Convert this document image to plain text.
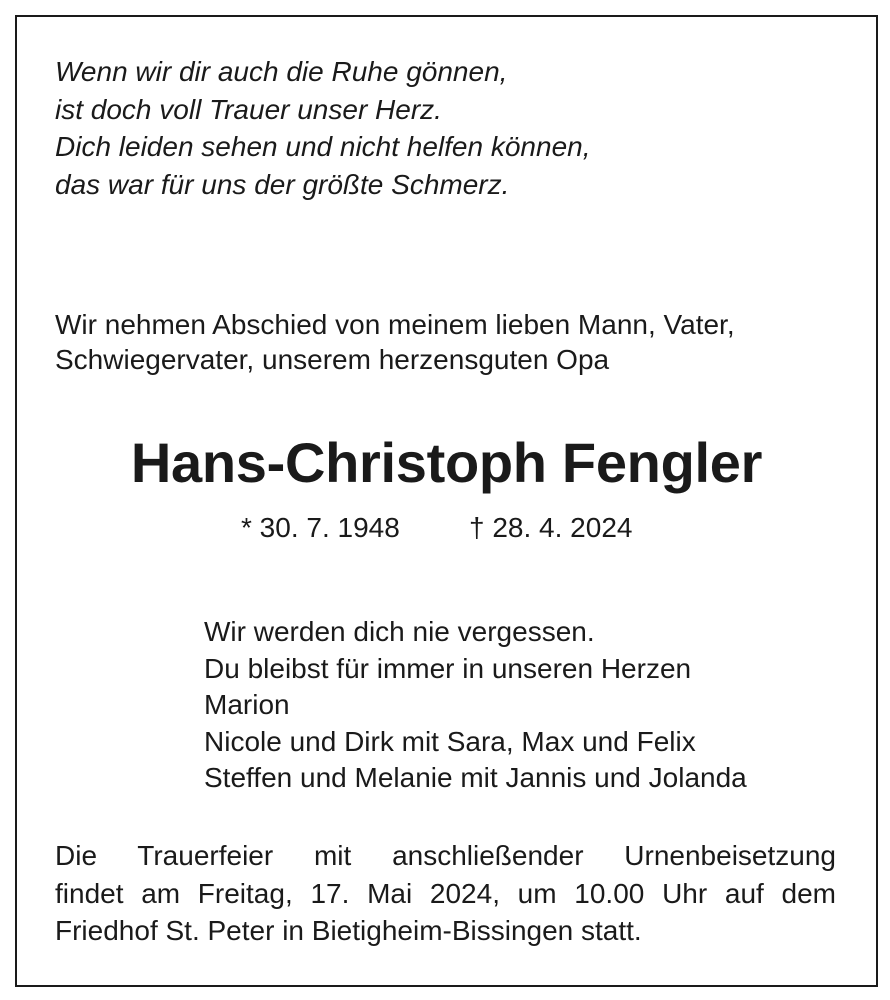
Wenn wir dir auch die Ruhe gönnen,
ist doch voll Trauer unser Herz.
Dich leiden sehen und nicht helfen können,
das war für uns der größte Schmerz.
Wir nehmen Abschied von meinem lieben Mann, Vater,
Schwiegervater, unserem herzensguten Opa
Hans-Christoph Fengler
* 30. 7. 1948 † 28. 4. 2024
Wir werden dich nie vergessen.
Du bleibst für immer in unseren Herzen
Marion
Nicole und Dirk mit Sara, Max und Felix
Steffen und Melanie mit Jannis und Jolanda
Die Trauerfeier mit anschließender Urnenbeisetzung
findet am Freitag, 17. Mai 2024, um 10.00 Uhr auf dem
Friedhof St. Peter in Bietigheim-Bissingen statt.
